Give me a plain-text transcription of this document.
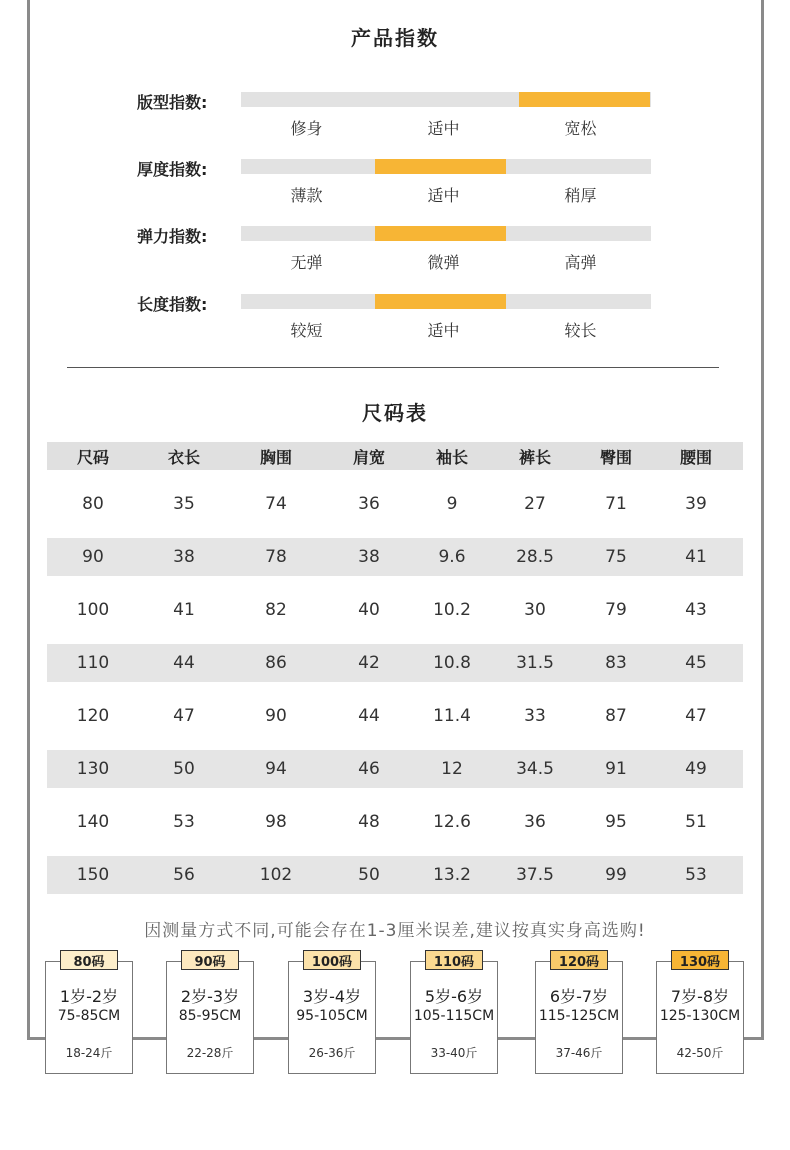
产品指数
版型指数:
修身	适中	宽松
厚度指数:
薄款	适中	稍厚
弹力指数:
无弹	微弹	高弹
长度指数:
较短	适中	较长
尺码表
尺码	衣长	胸围	肩宽	袖长	裤长	臀围	腰围
80	35	74	36	9	27	71	39
90	38	78	38	9.6	28.5	75	41
100	41	82	40	10.2	30	79	43
110	44	86	42	10.8	31.5	83	45
120	47	90	44	11.4	33	87	47
130	50	94	46	12	34.5	91	49
140	53	98	48	12.6	36	95	51
150	56	102	50	13.2	37.5	99	53
因测量方式不同,可能会存在1-3厘米误差,建议按真实身高选购!
80码
1岁-2岁
75-85CM
18-24斤
90码
2岁-3岁
85-95CM
22-28斤
100码
3岁-4岁
95-105CM
26-36斤
110码
5岁-6岁
105-115CM
33-40斤
120码
6岁-7岁
115-125CM
37-46斤
130码
7岁-8岁
125-130CM
42-50斤
